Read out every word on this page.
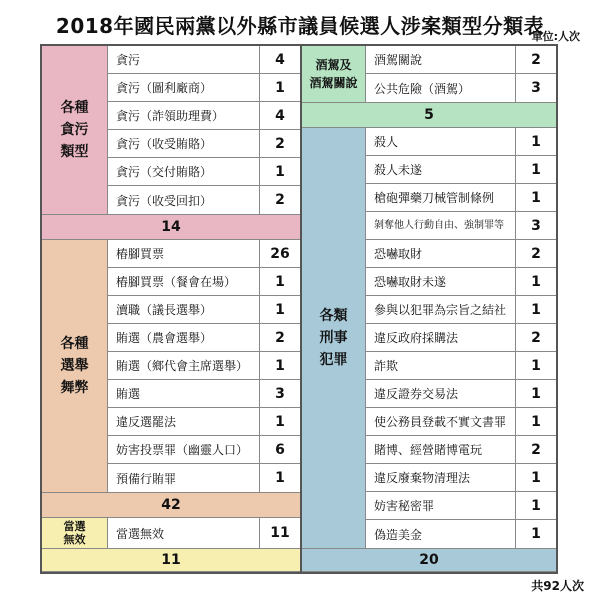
2018年國民兩黨以外縣市議員候選人涉案類型分類表
單位:人次
各種
貪污
類型
貪污	4
貪污（圖利廠商）	1
貪污（詐領助理費）	4
貪污（收受賄賂）	2
貪污（交付賄賂）	1
貪污（收受回扣）	2
14
各種
選舉
舞弊
樁腳買票	26
樁腳買票（餐會在場）	1
瀆職（議長選舉）	1
賄選（農會選舉）	2
賄選（鄉代會主席選舉）	1
賄選	3
違反選罷法	1
妨害投票罪（幽靈人口）	6
預備行賄罪	1
42
當選
無效	當選無效	11
11
酒駕及
酒駕關說
酒駕關說	2
公共危險（酒駕）	3
5
各類
刑事
犯罪
殺人	1
殺人未遂	1
槍砲彈藥刀械管制條例	1
剝奪他人行動自由、強制罪等	3
恐嚇取財	2
恐嚇取財未遂	1
參與以犯罪為宗旨之結社	1
違反政府採購法	2
詐欺	1
違反證券交易法	1
使公務員登載不實文書罪	1
賭博、經營賭博電玩	2
違反廢棄物清理法	1
妨害秘密罪	1
偽造美金	1
20
共92人次
